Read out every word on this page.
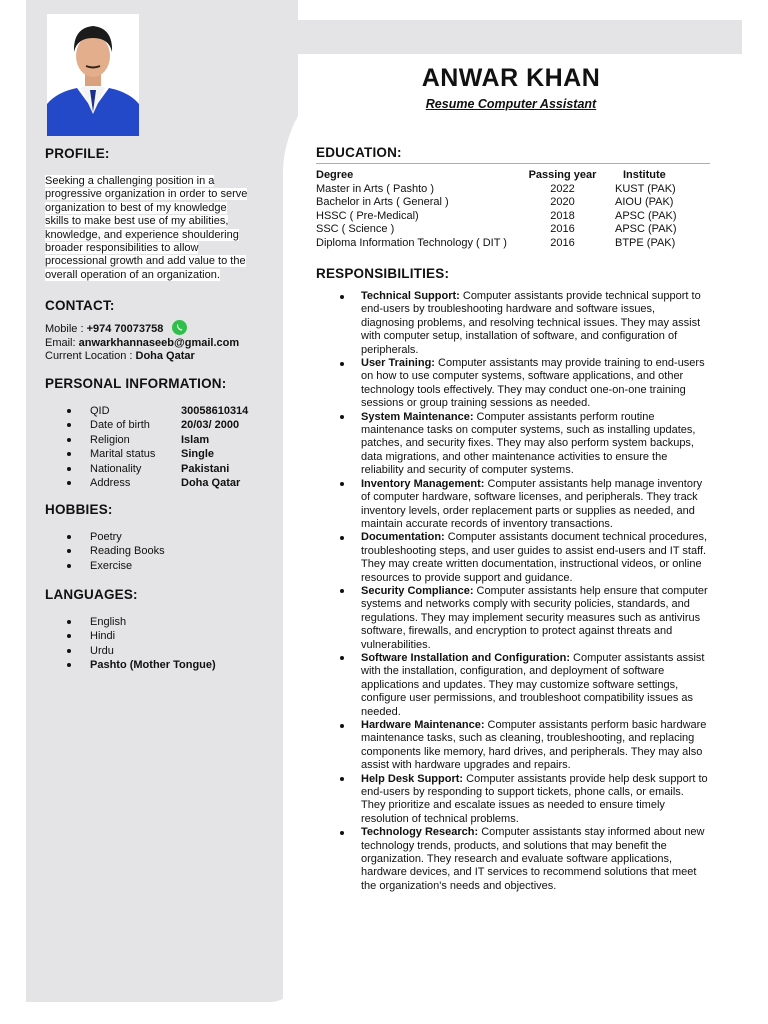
PROFILE:
Seeking a challenging position in a
progressive organization in order to serve
organization to best of my knowledge
skills to make best use of my abilities,
knowledge, and experience shouldering
broader responsibilities to allow
processional growth and add value to the
overall operation of an organization.
CONTACT:
Mobile : +974 70073758
Email: anwarkhannaseeb@gmail.com
Current Location : Doha Qatar
PERSONAL INFORMATION:
QID	30058610314
Date of birth	20/03/ 2000
Religion	Islam
Marital status Single
Nationality	Pakistani
Address	Doha Qatar
HOBBIES:
Poetry
Reading Books
Exercise
LANGUAGES:
English
Hindi
Urdu
Pashto (Mother Tongue)
ANWAR KHAN
Resume Computer Assistant
EDUCATION:
Degree	Passing year	Institute
Master in Arts ( Pashto )	2022	KUST (PAK)
Bachelor in Arts ( General )	2020	AIOU (PAK)
HSSC ( Pre-Medical)	2018	APSC (PAK)
SSC ( Science )	2016	APSC (PAK)
Diploma Information Technology ( DIT )	2016	BTPE (PAK)
RESPONSIBILITIES:
Technical Support: Computer assistants provide technical support to end-users by troubleshooting hardware and software issues, diagnosing problems, and resolving technical issues. They may assist with computer setup, installation of software, and configuration of peripherals.
User Training: Computer assistants may provide training to end-users on how to use computer systems, software applications, and other technology tools effectively. They may conduct one-on-one training sessions or group training sessions as needed.
System Maintenance: Computer assistants perform routine maintenance tasks on computer systems, such as installing updates, patches, and security fixes. They may also perform system backups, data migrations, and other maintenance activities to ensure the reliability and security of computer systems.
Inventory Management: Computer assistants help manage inventory of computer hardware, software licenses, and peripherals. They track inventory levels, order replacement parts or supplies as needed, and maintain accurate records of inventory transactions.
Documentation: Computer assistants document technical procedures, troubleshooting steps, and user guides to assist end-users and IT staff. They may create written documentation, instructional videos, or online resources to provide support and guidance.
Security Compliance: Computer assistants help ensure that computer systems and networks comply with security policies, standards, and regulations. They may implement security measures such as antivirus software, firewalls, and encryption to protect against threats and vulnerabilities.
Software Installation and Configuration: Computer assistants assist with the installation, configuration, and deployment of software applications and updates. They may customize software settings, configure user permissions, and troubleshoot compatibility issues as needed.
Hardware Maintenance: Computer assistants perform basic hardware maintenance tasks, such as cleaning, troubleshooting, and replacing components like memory, hard drives, and peripherals. They may also assist with hardware upgrades and repairs.
Help Desk Support: Computer assistants provide help desk support to end-users by responding to support tickets, phone calls, or emails. They prioritize and escalate issues as needed to ensure timely resolution of technical problems.
Technology Research: Computer assistants stay informed about new technology trends, products, and solutions that may benefit the organization. They research and evaluate software applications, hardware devices, and IT services to recommend solutions that meet the organization's needs and objectives.
